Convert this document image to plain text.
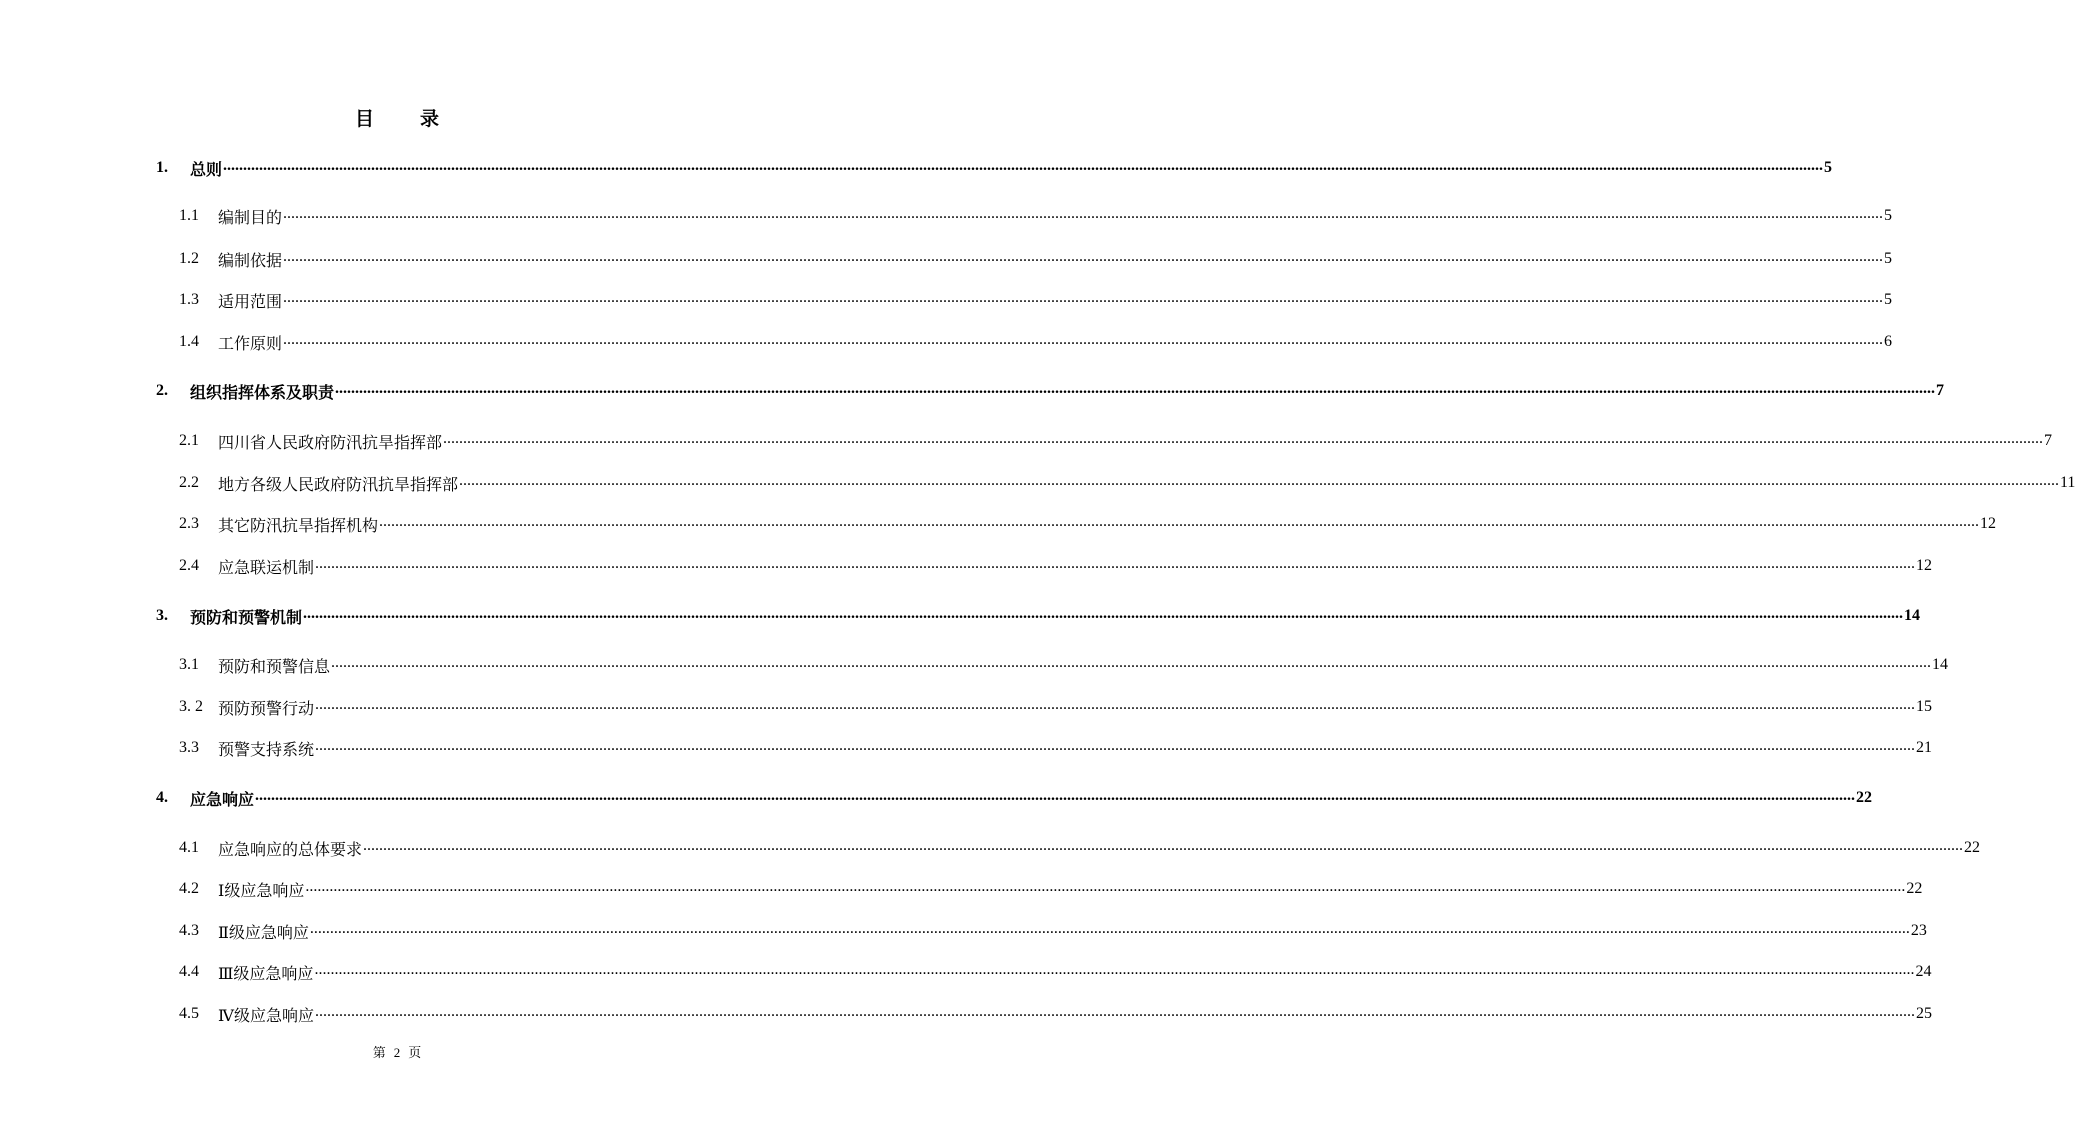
目 录
1. 总则 ................................................................................................................................................................................................................................................................................................................................................................................................................ 5
1.1 编制目的 ................................................................................................................................................................................................................................................................................................................................................................................................................ 5
1.2 编制依据 ................................................................................................................................................................................................................................................................................................................................................................................................................ 5
1.3 适用范围 ................................................................................................................................................................................................................................................................................................................................................................................................................ 5
1.4 工作原则 ................................................................................................................................................................................................................................................................................................................................................................................................................ 6
2. 组织指挥体系及职责 ................................................................................................................................................................................................................................................................................................................................................................................................................ 7
2.1 四川省人民政府防汛抗旱指挥部 ................................................................................................................................................................................................................................................................................................................................................................................................................ 7
2.2 地方各级人民政府防汛抗旱指挥部 ................................................................................................................................................................................................................................................................................................................................................................................................................ 11
2.3 其它防汛抗旱指挥机构 ................................................................................................................................................................................................................................................................................................................................................................................................................ 12
2.4 应急联运机制 ................................................................................................................................................................................................................................................................................................................................................................................................................ 12
3. 预防和预警机制 ................................................................................................................................................................................................................................................................................................................................................................................................................ 14
3.1 预防和预警信息 ................................................................................................................................................................................................................................................................................................................................................................................................................ 14
3. 2 预防预警行动 ................................................................................................................................................................................................................................................................................................................................................................................................................ 15
3.3 预警支持系统 ................................................................................................................................................................................................................................................................................................................................................................................................................ 21
4. 应急响应 ................................................................................................................................................................................................................................................................................................................................................................................................................ 22
4.1 应急响应的总体要求 ................................................................................................................................................................................................................................................................................................................................................................................................................ 22
4.2 Ⅰ级应急响应 ................................................................................................................................................................................................................................................................................................................................................................................................................ 22
4.3 Ⅱ级应急响应 ................................................................................................................................................................................................................................................................................................................................................................................................................ 23
4.4 Ⅲ级应急响应 ................................................................................................................................................................................................................................................................................................................................................................................................................ 24
4.5 Ⅳ级应急响应 ................................................................................................................................................................................................................................................................................................................................................................................................................ 25
第 2 页
